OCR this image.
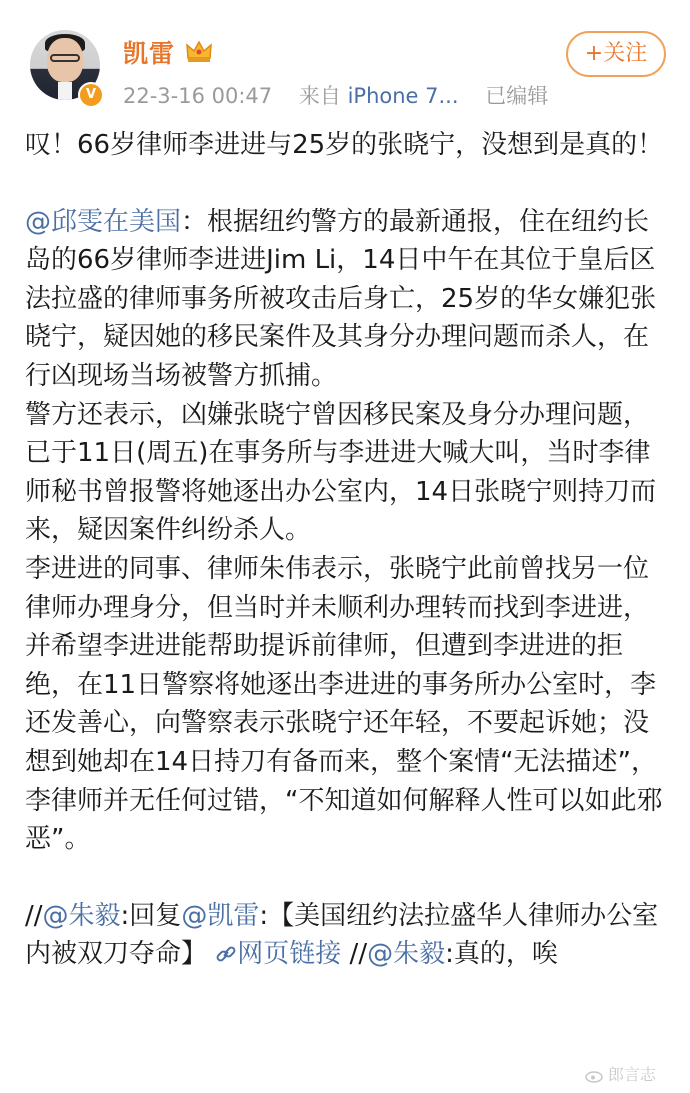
V
凯雷
22-3-16 00:47 来自 iPhone 7... 已编辑
+关注

叹！66岁律师李进进与25岁的张晓宁，没想到是真的！

@邱雯在美国：根据纽约警方的最新通报，住在纽约长岛的66岁律师李进进Jim Li，14日中午在其位于皇后区法拉盛的律师事务所被攻击后身亡，25岁的华女嫌犯张晓宁，疑因她的移民案件及其身分办理问题而杀人，在行凶现场当场被警方抓捕。

警方还表示，凶嫌张晓宁曾因移民案及身分办理问题，已于11日(周五)在事务所与李进进大喊大叫，当时李律师秘书曾报警将她逐出办公室内，14日张晓宁则持刀而来，疑因案件纠纷杀人。

李进进的同事、律师朱伟表示，张晓宁此前曾找另一位律师办理身分，但当时并未顺利办理转而找到李进进，并希望李进进能帮助提诉前律师，但遭到李进进的拒绝，在11日警察将她逐出李进进的事务所办公室时，李还发善心，向警察表示张晓宁还年轻，不要起诉她；没想到她却在14日持刀有备而来，整个案情“无法描述”，李律师并无任何过错，“不知道如何解释人性可以如此邪恶”。

//@朱毅:回复@凯雷:【美国纽约法拉盛华人律师办公室内被双刀夺命】 网页链接 //@朱毅:真的，唉

郎言志
